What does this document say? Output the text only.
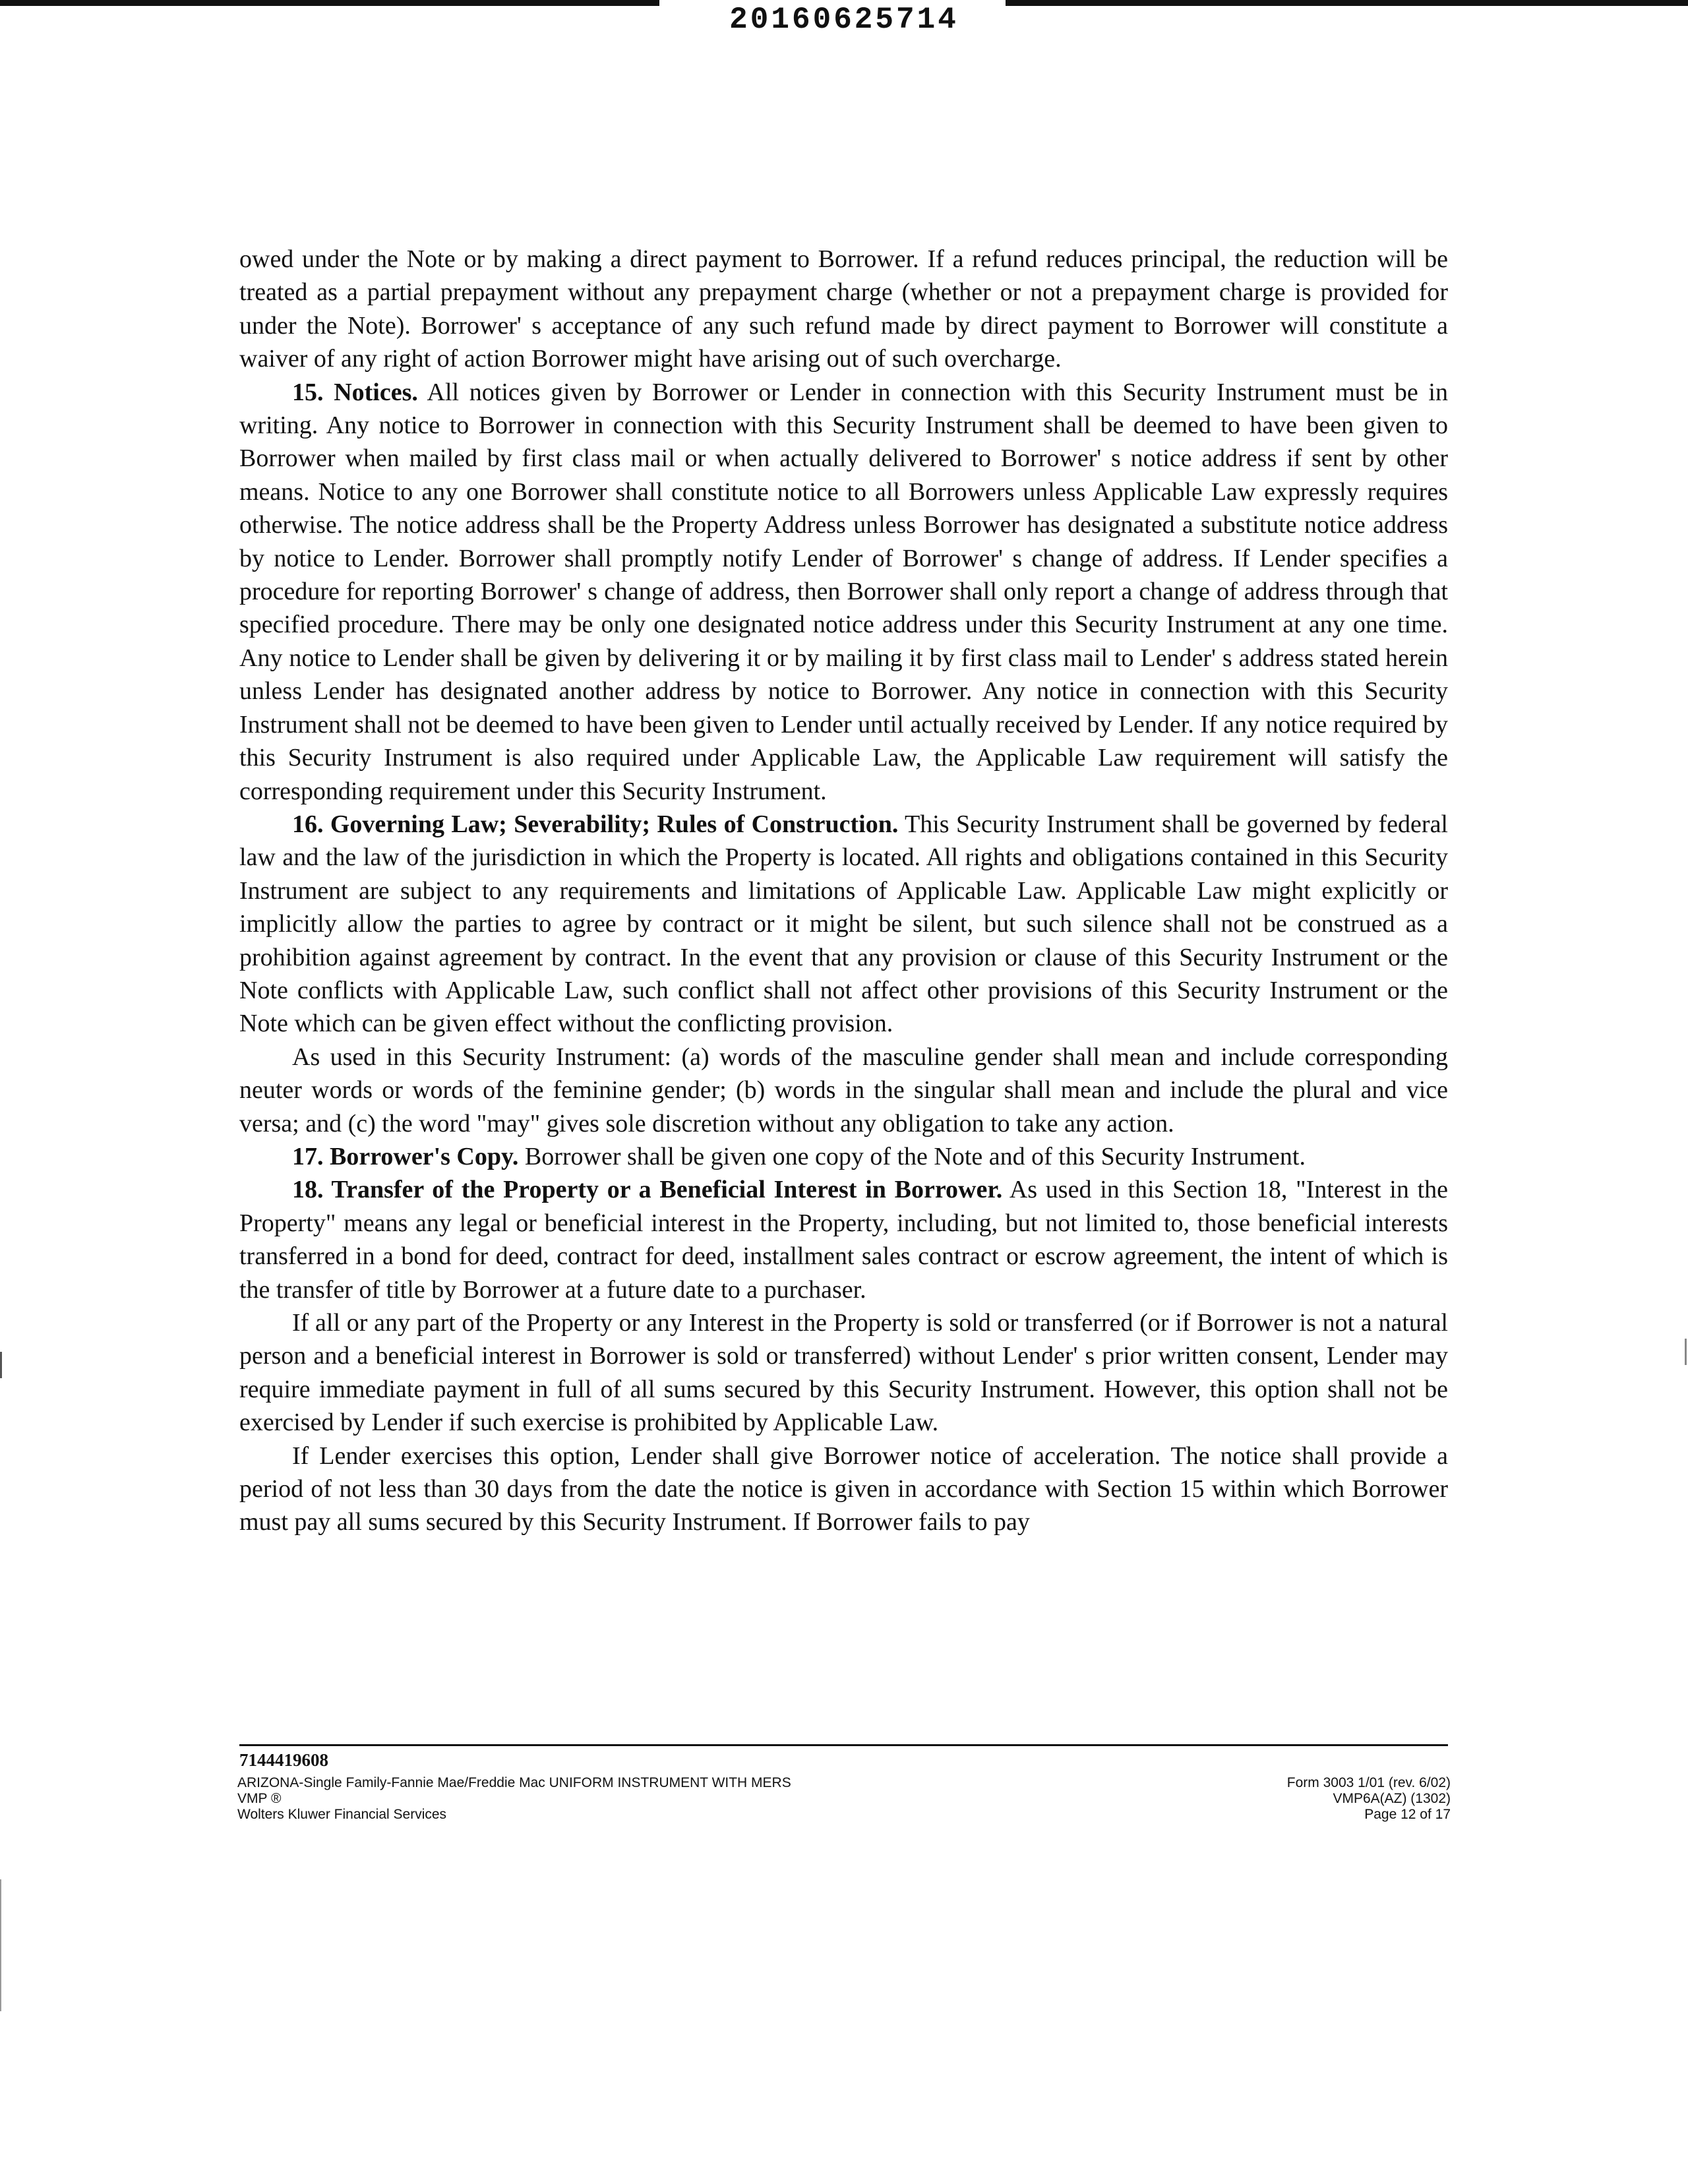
20160625714

owed under the Note or by making a direct payment to Borrower. If a refund reduces principal, the reduction will be treated as a partial prepayment without any prepayment charge (whether or not a prepayment charge is provided for under the Note). Borrower' s acceptance of any such refund made by direct payment to Borrower will constitute a waiver of any right of action Borrower might have arising out of such overcharge.

15. Notices. All notices given by Borrower or Lender in connection with this Security Instrument must be in writing. Any notice to Borrower in connection with this Security Instrument shall be deemed to have been given to Borrower when mailed by first class mail or when actually delivered to Borrower' s notice address if sent by other means. Notice to any one Borrower shall constitute notice to all Borrowers unless Applicable Law expressly requires otherwise. The notice address shall be the Property Address unless Borrower has designated a substitute notice address by notice to Lender. Borrower shall promptly notify Lender of Borrower' s change of address. If Lender specifies a procedure for reporting Borrower' s change of address, then Borrower shall only report a change of address through that specified procedure. There may be only one designated notice address under this Security Instrument at any one time. Any notice to Lender shall be given by delivering it or by mailing it by first class mail to Lender' s address stated herein unless Lender has designated another address by notice to Borrower. Any notice in connection with this Security Instrument shall not be deemed to have been given to Lender until actually received by Lender. If any notice required by this Security Instrument is also required under Applicable Law, the Applicable Law requirement will satisfy the corresponding requirement under this Security Instrument.

16. Governing Law; Severability; Rules of Construction. This Security Instrument shall be governed by federal law and the law of the jurisdiction in which the Property is located. All rights and obligations contained in this Security Instrument are subject to any requirements and limitations of Applicable Law. Applicable Law might explicitly or implicitly allow the parties to agree by contract or it might be silent, but such silence shall not be construed as a prohibition against agreement by contract. In the event that any provision or clause of this Security Instrument or the Note conflicts with Applicable Law, such conflict shall not affect other provisions of this Security Instrument or the Note which can be given effect without the conflicting provision.

As used in this Security Instrument: (a) words of the masculine gender shall mean and include corresponding neuter words or words of the feminine gender; (b) words in the singular shall mean and include the plural and vice versa; and (c) the word "may" gives sole discretion without any obligation to take any action.

17. Borrower's Copy. Borrower shall be given one copy of the Note and of this Security Instrument.

18. Transfer of the Property or a Beneficial Interest in Borrower. As used in this Section 18, "Interest in the Property" means any legal or beneficial interest in the Property, including, but not limited to, those beneficial interests transferred in a bond for deed, contract for deed, installment sales contract or escrow agreement, the intent of which is the transfer of title by Borrower at a future date to a purchaser.

If all or any part of the Property or any Interest in the Property is sold or transferred (or if Borrower is not a natural person and a beneficial interest in Borrower is sold or transferred) without Lender' s prior written consent, Lender may require immediate payment in full of all sums secured by this Security Instrument. However, this option shall not be exercised by Lender if such exercise is prohibited by Applicable Law.

If Lender exercises this option, Lender shall give Borrower notice of acceleration. The notice shall provide a period of not less than 30 days from the date the notice is given in accordance with Section 15 within which Borrower must pay all sums secured by this Security Instrument. If Borrower fails to pay

7144419608
ARIZONA-Single Family-Fannie Mae/Freddie Mac UNIFORM INSTRUMENT WITH MERS
VMP ®
Wolters Kluwer Financial Services
Form 3003 1/01 (rev. 6/02)
VMP6A(AZ) (1302)
Page 12 of 17
